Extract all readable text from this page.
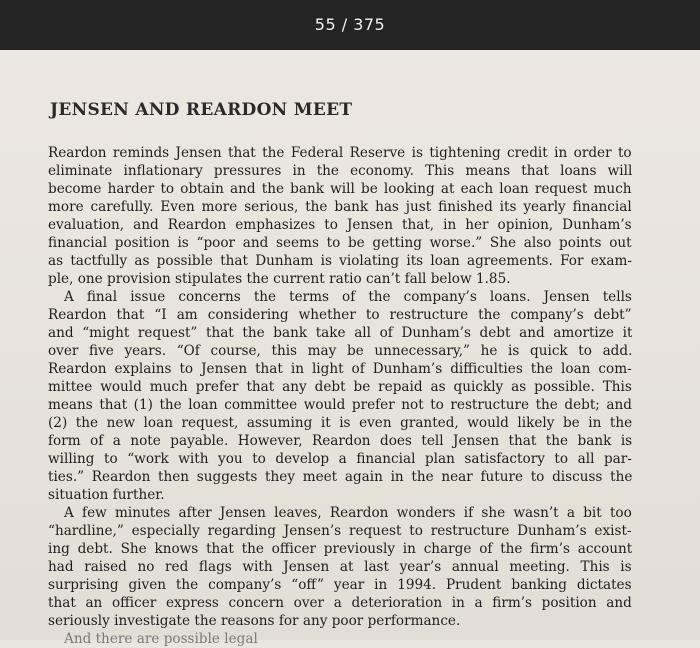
55 / 375
JENSEN AND REARDON MEET
Reardon reminds Jensen that the Federal Reserve is tightening credit in order to
eliminate inflationary pressures in the economy. This means that loans will
become harder to obtain and the bank will be looking at each loan request much
more carefully. Even more serious, the bank has just finished its yearly financial
evaluation, and Reardon emphasizes to Jensen that, in her opinion, Dunham’s
financial position is “poor and seems to be getting worse.” She also points out
as tactfully as possible that Dunham is violating its loan agreements. For exam-
ple, one provision stipulates the current ratio can’t fall below 1.85.
A final issue concerns the terms of the company’s loans. Jensen tells
Reardon that “I am considering whether to restructure the company’s debt”
and “might request” that the bank take all of Dunham’s debt and amortize it
over five years. “Of course, this may be unnecessary,” he is quick to add.
Reardon explains to Jensen that in light of Dunham’s difficulties the loan com-
mittee would much prefer that any debt be repaid as quickly as possible. This
means that (1) the loan committee would prefer not to restructure the debt; and
(2) the new loan request, assuming it is even granted, would likely be in the
form of a note payable. However, Reardon does tell Jensen that the bank is
willing to “work with you to develop a financial plan satisfactory to all par-
ties.” Reardon then suggests they meet again in the near future to discuss the
situation further.
A few minutes after Jensen leaves, Reardon wonders if she wasn’t a bit too
“hardline,” especially regarding Jensen’s request to restructure Dunham’s exist-
ing debt. She knows that the officer previously in charge of the firm’s account
had raised no red flags with Jensen at last year’s annual meeting. This is
surprising given the company’s “off” year in 1994. Prudent banking dictates
that an officer express concern over a deterioration in a firm’s position and
seriously investigate the reasons for any poor performance.
And there are possible legal
